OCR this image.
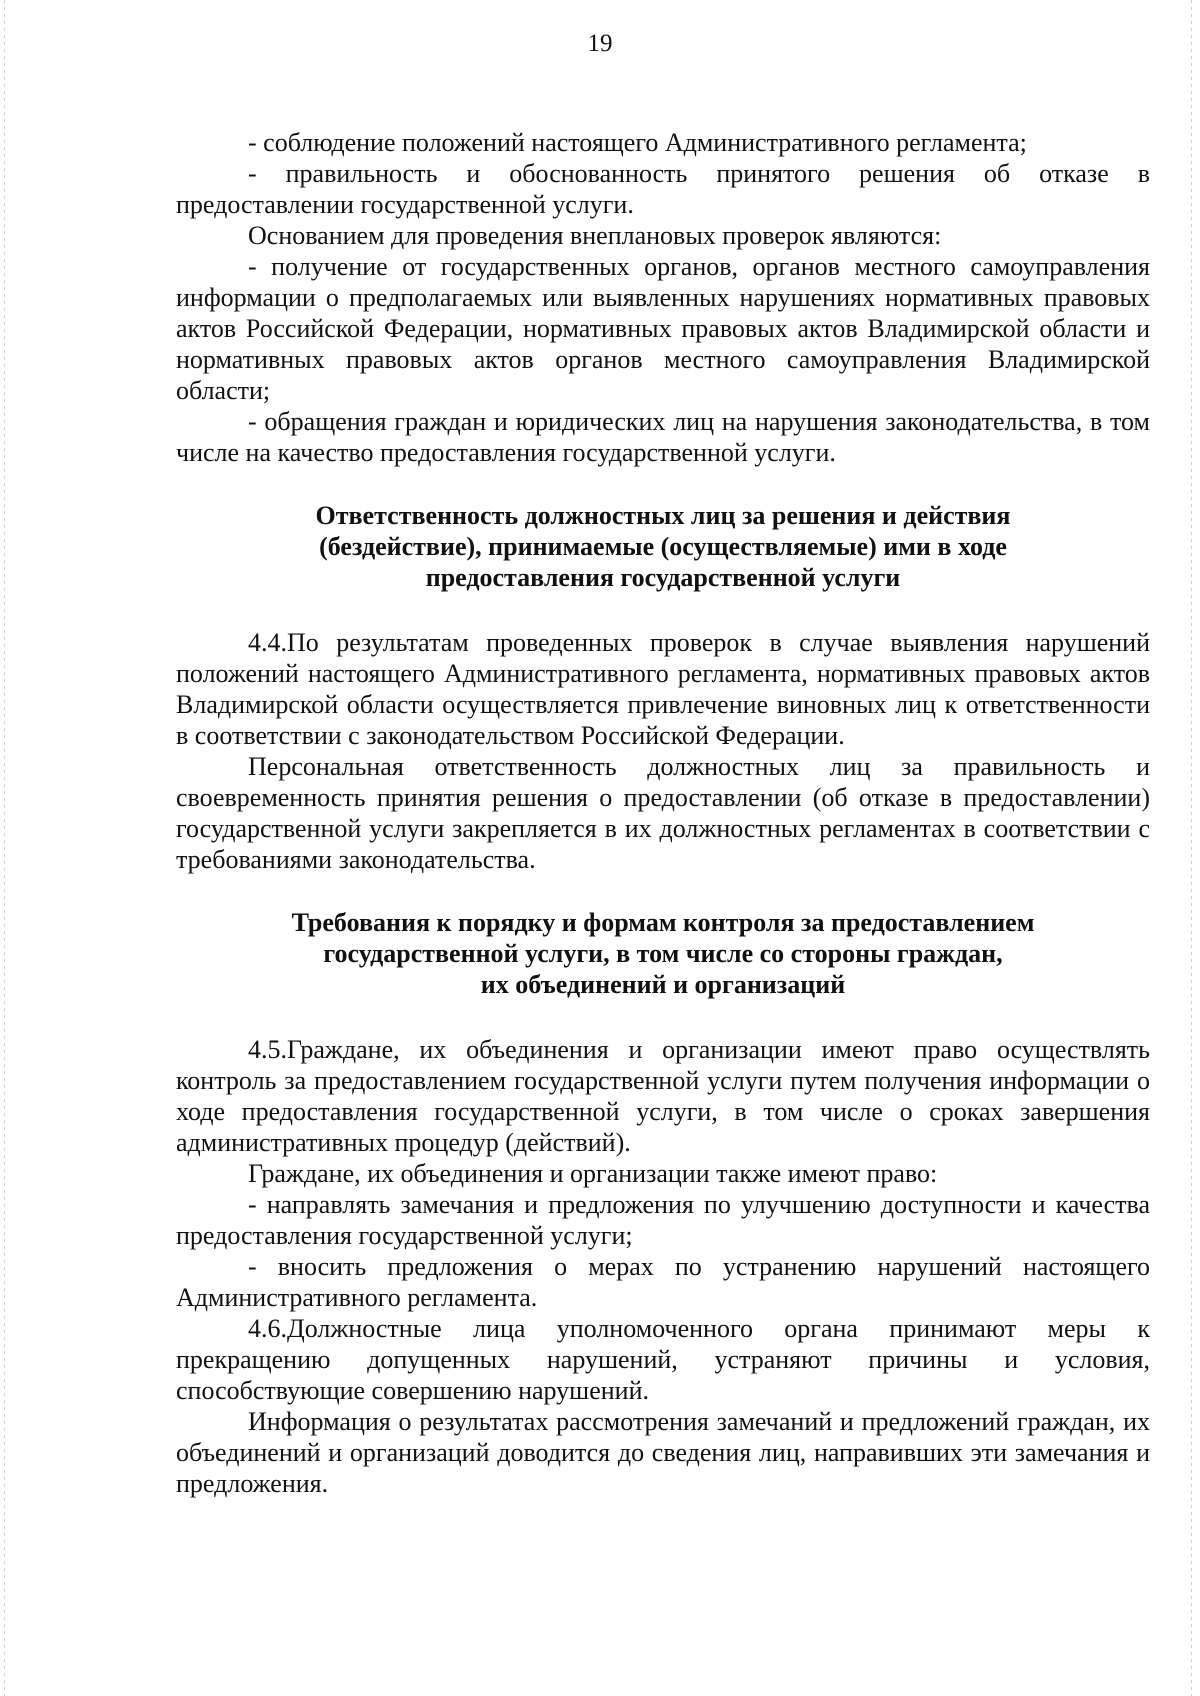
19

- соблюдение положений настоящего Административного регламента;

- правильность и обоснованность принятого решения об отказе в предоставлении государственной услуги.

Основанием для проведения внеплановых проверок являются:

- получение от государственных органов, органов местного самоуправления информации о предполагаемых или выявленных нарушениях нормативных правовых актов Российской Федерации, нормативных правовых актов Владимирской области и нормативных правовых актов органов местного самоуправления Владимирской области;

- обращения граждан и юридических лиц на нарушения законодательства, в том числе на качество предоставления государственной услуги.

Ответственность должностных лиц за решения и действия
(бездействие), принимаемые (осуществляемые) ими в ходе
предоставления государственной услуги

4.4.По результатам проведенных проверок в случае выявления нарушений положений настоящего Административного регламента, нормативных правовых актов Владимирской области осуществляется привлечение виновных лиц к ответственности в соответствии с законодательством Российской Федерации.

Персональная ответственность должностных лиц за правильность и своевременность принятия решения о предоставлении (об отказе в предоставлении) государственной услуги закрепляется в их должностных регламентах в соответствии с требованиями законодательства.

Требования к порядку и формам контроля за предоставлением
государственной услуги, в том числе со стороны граждан,
их объединений и организаций

4.5.Граждане, их объединения и организации имеют право осуществлять контроль за предоставлением государственной услуги путем получения информации о ходе предоставления государственной услуги, в том числе о сроках завершения административных процедур (действий).

Граждане, их объединения и организации также имеют право:

- направлять замечания и предложения по улучшению доступности и качества предоставления государственной услуги;

- вносить предложения о мерах по устранению нарушений настоящего Административного регламента.

4.6.Должностные лица уполномоченного органа принимают меры к прекращению допущенных нарушений, устраняют причины и условия, способствующие совершению нарушений.

Информация о результатах рассмотрения замечаний и предложений граждан, их объединений и организаций доводится до сведения лиц, направивших эти замечания и предложения.
